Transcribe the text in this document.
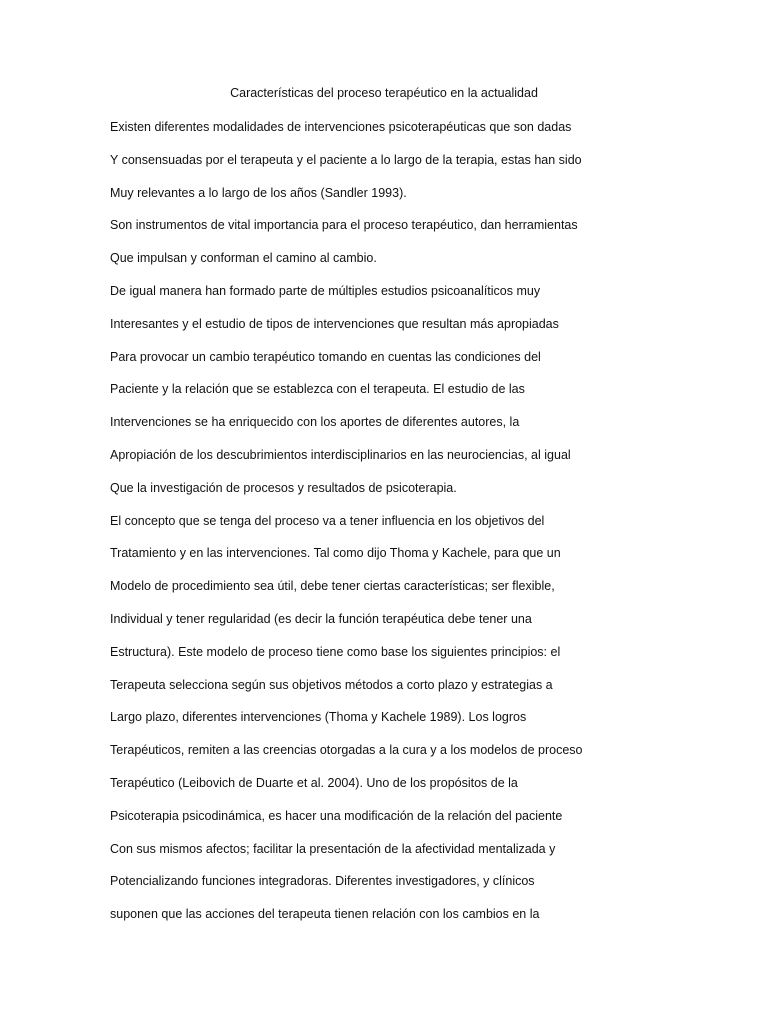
Características del proceso terapéutico en la actualidad
Existen diferentes modalidades de intervenciones psicoterapéuticas que son dadas
Y consensuadas por el terapeuta y el paciente a lo largo de la terapia, estas han sido
Muy relevantes a lo largo de los años (Sandler 1993).
Son instrumentos de vital importancia para el proceso terapéutico, dan herramientas
Que impulsan y conforman el camino al cambio.
De igual manera han formado parte de múltiples estudios psicoanalíticos muy
Interesantes y el estudio de tipos de intervenciones que resultan más apropiadas
Para provocar un cambio terapéutico tomando en cuentas las condiciones del
Paciente y la relación que se establezca con el terapeuta. El estudio de las
Intervenciones se ha enriquecido con los aportes de diferentes autores, la
Apropiación de los descubrimientos interdisciplinarios en las neurociencias, al igual
Que la investigación de procesos y resultados de psicoterapia.
El concepto que se tenga del proceso va a tener influencia en los objetivos del
Tratamiento y en las intervenciones. Tal como dijo Thoma y Kachele, para que un
Modelo de procedimiento sea útil, debe tener ciertas características; ser flexible,
Individual y tener regularidad (es decir la función terapéutica debe tener una
Estructura). Este modelo de proceso tiene como base los siguientes principios: el
Terapeuta selecciona según sus objetivos métodos a corto plazo y estrategias a
Largo plazo, diferentes intervenciones (Thoma y Kachele 1989). Los logros
Terapéuticos, remiten a las creencias otorgadas a la cura y a los modelos de proceso
Terapéutico (Leibovich de Duarte et al. 2004). Uno de los propósitos de la
Psicoterapia psicodinámica, es hacer una modificación de la relación del paciente
Con sus mismos afectos; facilitar la presentación de la afectividad mentalizada y
Potencializando funciones integradoras. Diferentes investigadores, y clínicos
suponen que las acciones del terapeuta tienen relación con los cambios en la
